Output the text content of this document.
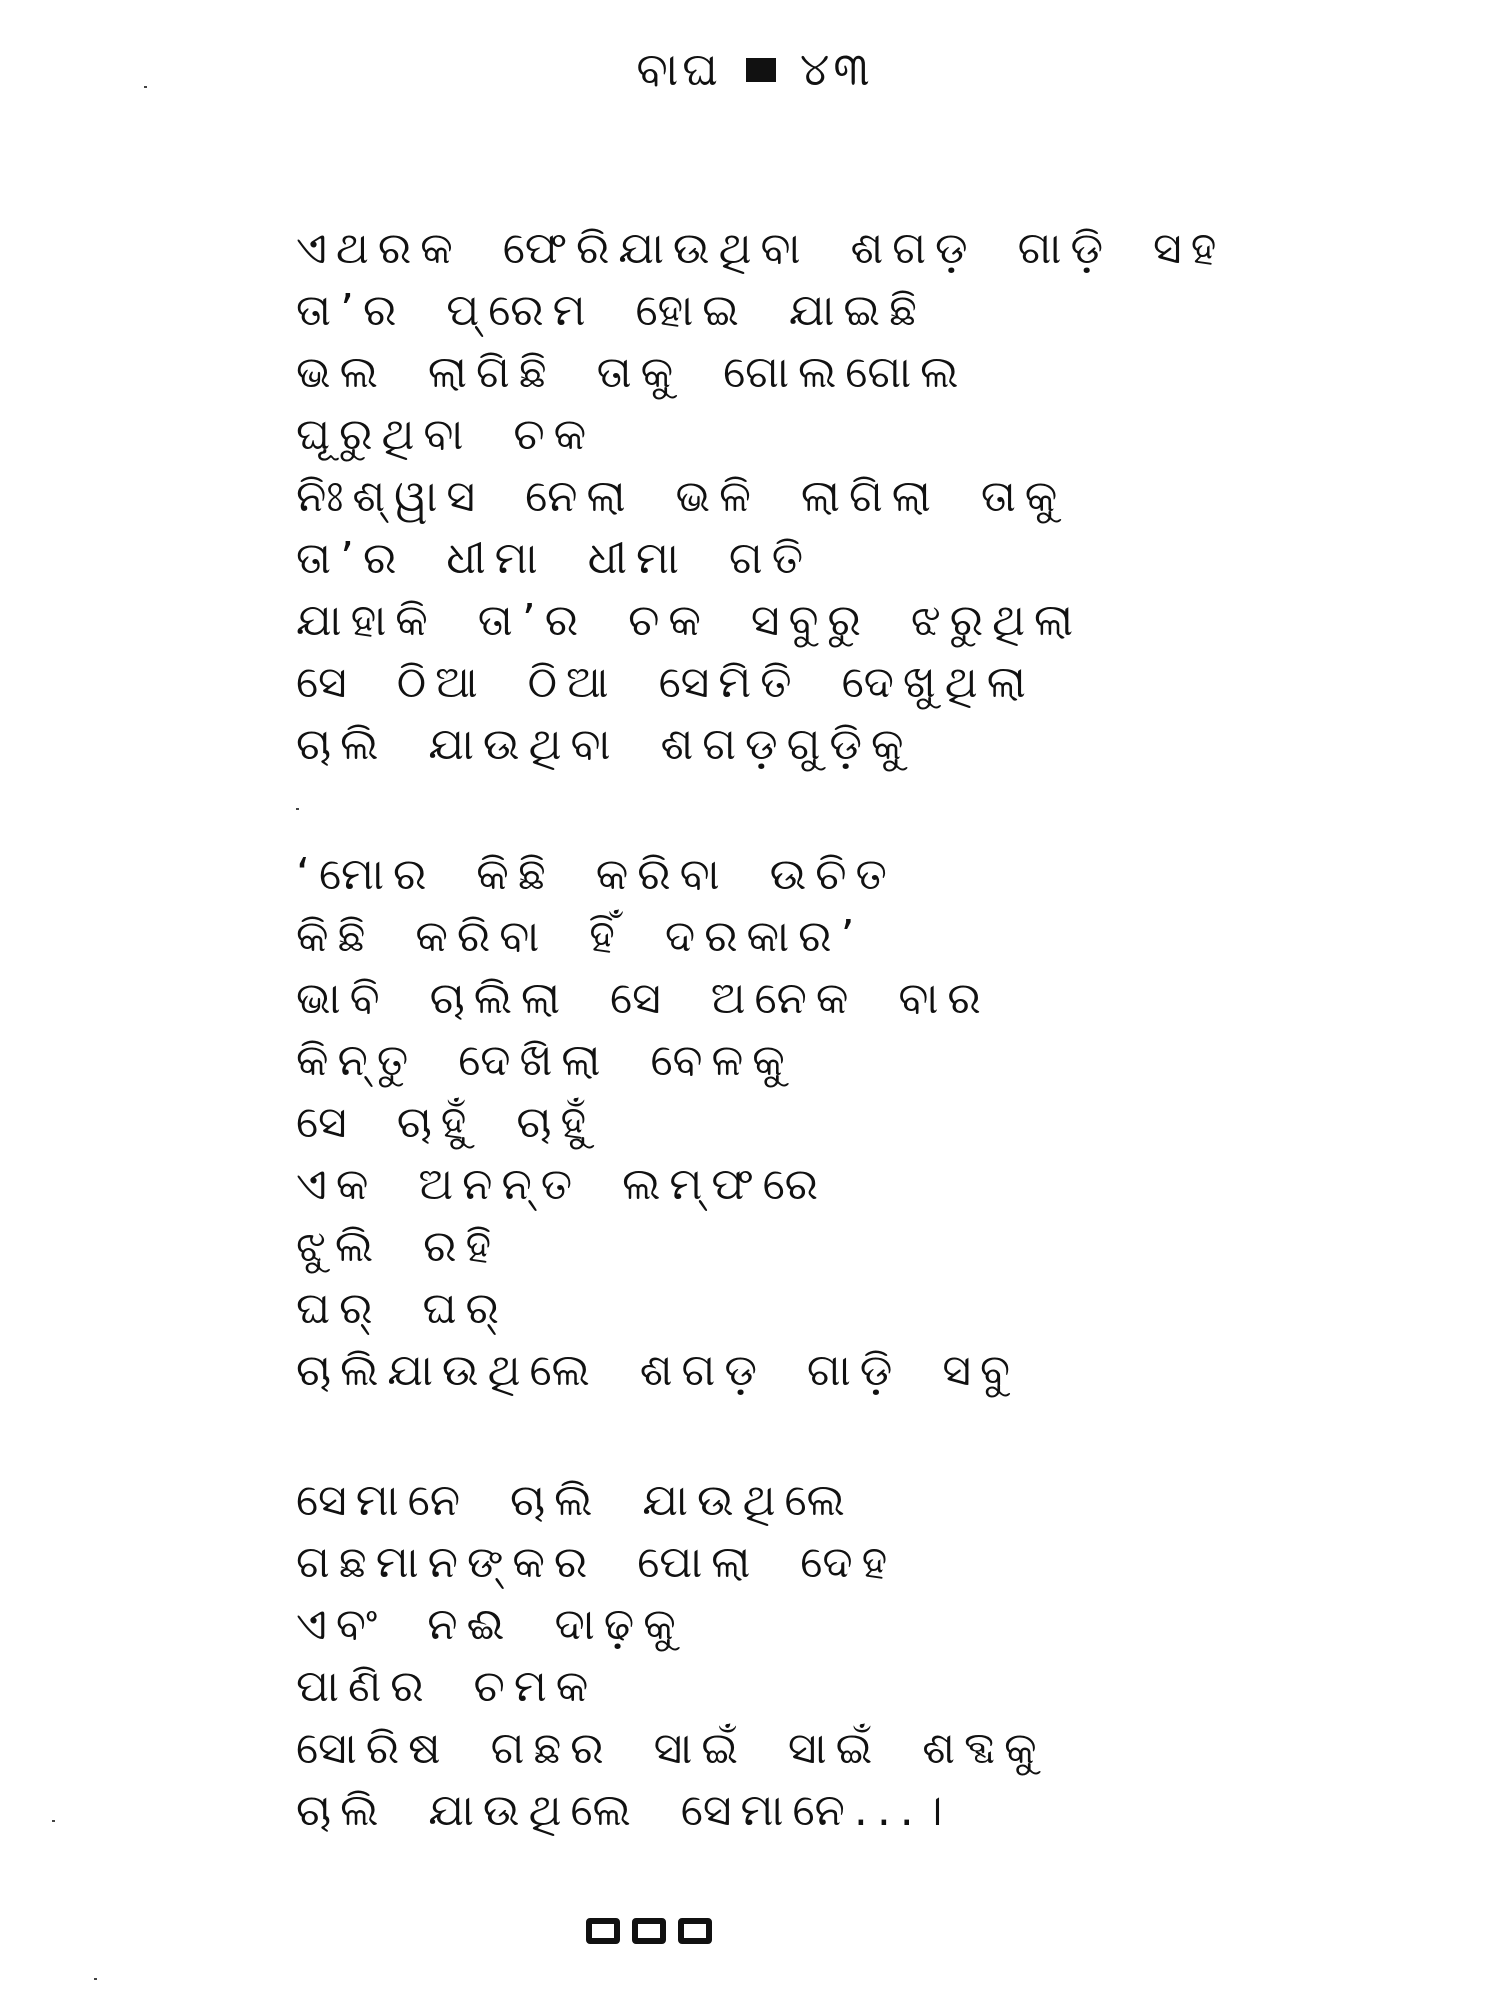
ବାଘ ୪୩
ଏଥରକ ଫେରିଯାଉଥିବା ଶଗଡ଼ ଗାଡ଼ି ସହ
ତା’ର ପ୍ରେମ ହୋଇ ଯାଇଛି
ଭଲ ଲାଗିଛି ତାକୁ ଗୋଲଗୋଲ
ଘୂରୁଥିବା ଚକ
ନିଃଶ୍ୱାସ ନେଲା ଭଳି ଲାଗିଲା ତାକୁ
ତା’ର ଧୀମା ଧୀମା ଗତି
ଯାହାକି ତା’ର ଚକ ସବୁରୁ ଝରୁଥିଲା
ସେ ଠିଆ ଠିଆ ସେମିତି ଦେଖୁଥିଲା
ଚାଲି ଯାଉଥିବା ଶଗଡ଼ଗୁଡ଼ିକୁ
‘ମୋର କିଛି କରିବା ଉଚିତ
କିଛି କରିବା ହିଁ ଦରକାର’
ଭାବି ଚାଲିଲା ସେ ଅନେକ ବାର
କିନ୍ତୁ ଦେଖିଲା ବେଳକୁ
ସେ ଚାହୁଁ ଚାହୁଁ
ଏକ ଅନନ୍ତ ଲମ୍ଫରେ
ଝୁଲି ରହି
ଘର୍ ଘର୍
ଚାଲିଯାଉଥିଲେ ଶଗଡ଼ ଗାଡ଼ି ସବୁ
ସେମାନେ ଚାଲି ଯାଉଥିଲେ
ଗଛମାନଙ୍କର ପୋଲା ଦେହ
ଏବଂ ନଈ ଦାଢ଼କୁ
ପାଣିର ଚମକ
ସୋରିଷ ଗଛର ସାଇଁ ସାଇଁ ଶବ୍ଦକୁ
ଚାଲି ଯାଉଥିଲେ ସେମାନେ...।
